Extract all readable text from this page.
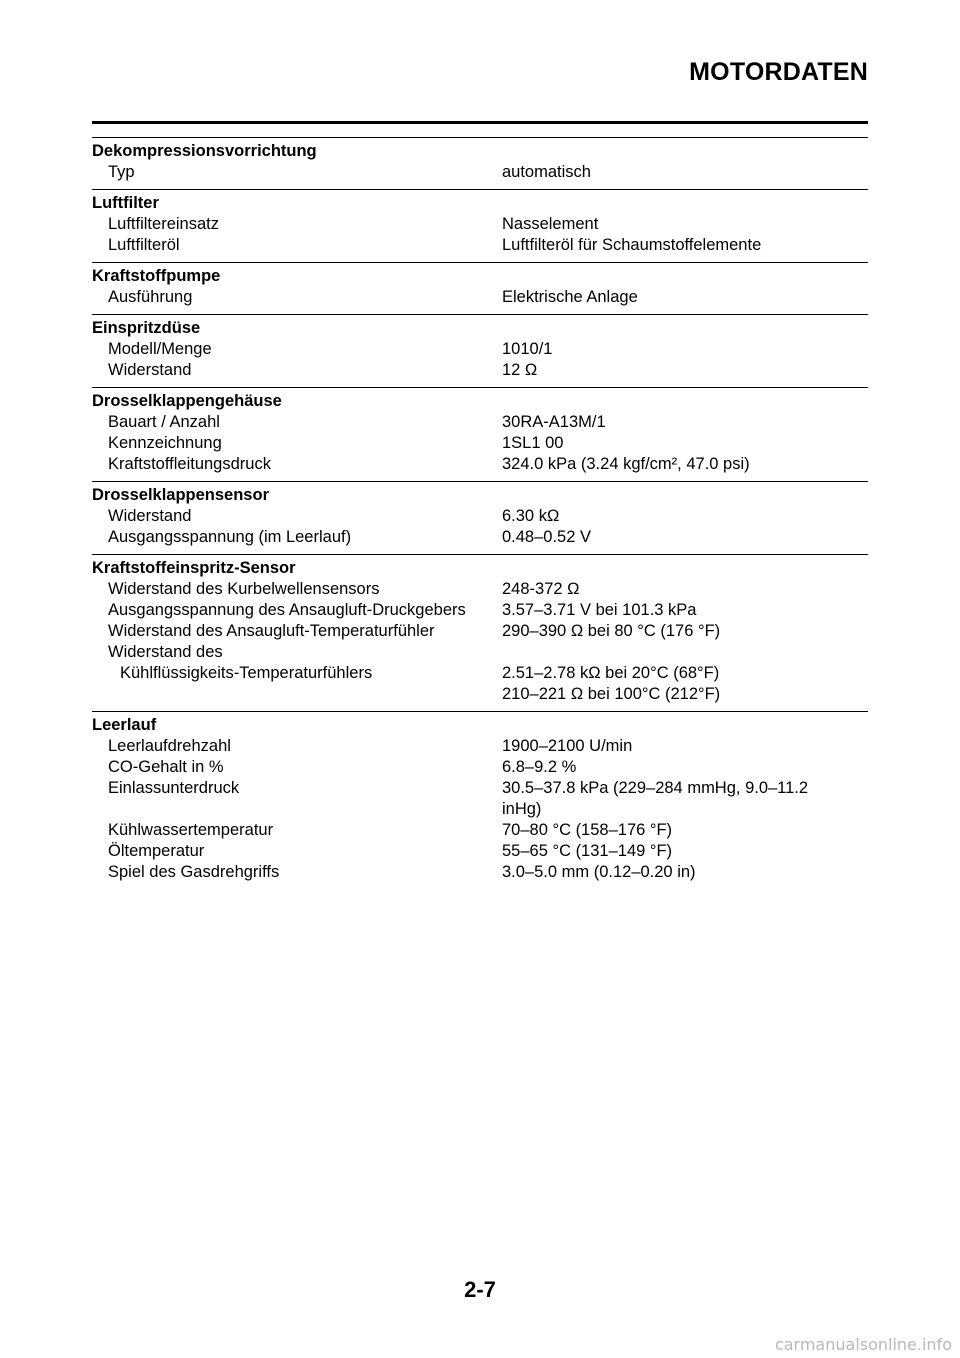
MOTORDATEN
Dekompressionsvorrichtung
Typ	automatisch
Luftfilter
Luftfiltereinsatz	Nasselement
Luftfilteröl	Luftfilteröl für Schaumstoffelemente
Kraftstoffpumpe
Ausführung	Elektrische Anlage
Einspritzdüse
Modell/Menge	1010/1
Widerstand	12 Ω
Drosselklappengehäuse
Bauart / Anzahl	30RA-A13M/1
Kennzeichnung	1SL1 00
Kraftstoffleitungsdruck	324.0 kPa (3.24 kgf/cm², 47.0 psi)
Drosselklappensensor
Widerstand	6.30 kΩ
Ausgangsspannung (im Leerlauf)	0.48–0.52 V
Kraftstoffeinspritz-Sensor
Widerstand des Kurbelwellensensors	248-372 Ω
Ausgangsspannung des Ansaugluft-Druckgebers	3.57–3.71 V bei 101.3 kPa
Widerstand des Ansaugluft-Temperaturfühler	290–390 Ω bei 80 °C (176 °F)
Widerstand des
Kühlflüssigkeits-Temperaturfühlers	2.51–2.78 kΩ bei 20°C (68°F)
210–221 Ω bei 100°C (212°F)
Leerlauf
Leerlaufdrehzahl	1900–2100 U/min
CO-Gehalt in %	6.8–9.2 %
Einlassunterdruck	30.5–37.8 kPa (229–284 mmHg, 9.0–11.2 inHg)
Kühlwassertemperatur	70–80 °C (158–176 °F)
Öltemperatur	55–65 °C (131–149 °F)
Spiel des Gasdrehgriffs	3.0–5.0 mm (0.12–0.20 in)
2-7
carmanualsonline.info
